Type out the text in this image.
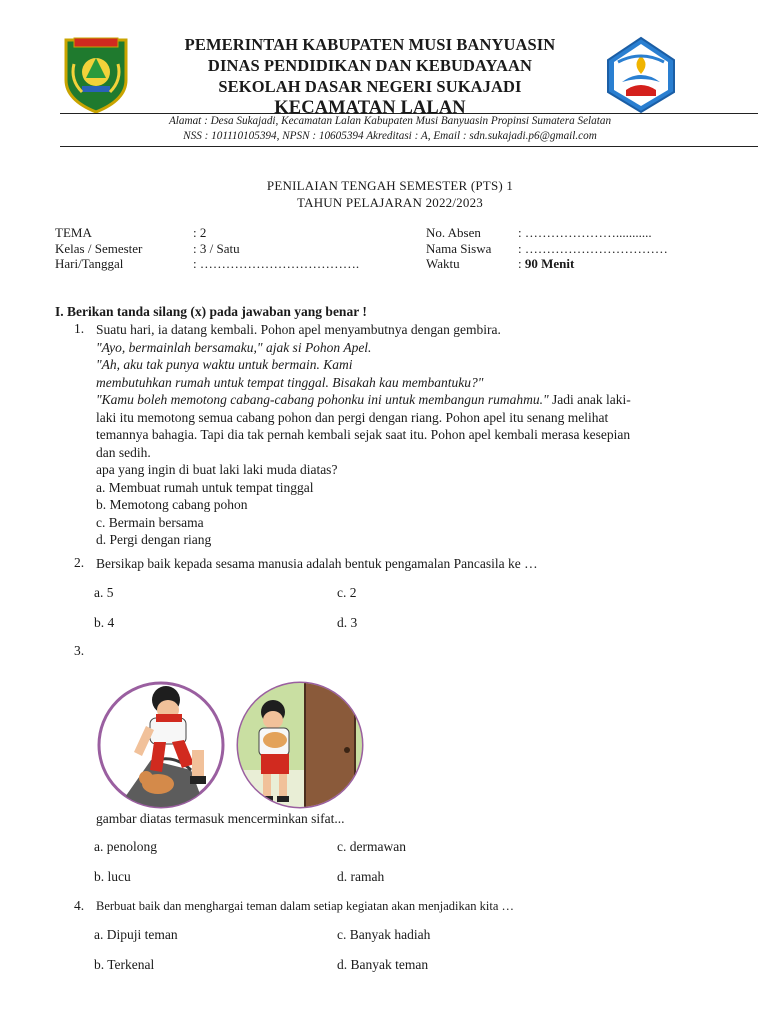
PEMERINTAH KABUPATEN MUSI BANYUASIN
DINAS PENDIDIKAN DAN KEBUDAYAAN
SEKOLAH DASAR NEGERI SUKAJADI
KECAMATAN LALAN
Alamat : Desa Sukajadi, Kecamatan Lalan Kabupaten Musi Banyuasin Propinsi Sumatera Selatan
NSS : 101110105394, NPSN : 10605394 Akreditasi : A, Email : sdn.sukajadi.p6@gmail.com
PENILAIAN TENGAH SEMESTER (PTS) 1
TAHUN PELAJARAN 2022/2023
TEMA	: 2
Kelas / Semester	: 3 / Satu
Hari/Tanggal	: ……………………………….
No. Absen	: …………………...........
Nama Siswa	: ……………………………
Waktu	: 90 Menit
I. Berikan tanda silang (x) pada jawaban yang benar !
1. Suatu hari, ia datang kembali. Pohon apel menyambutnya dengan gembira.
"Ayo, bermainlah bersamaku," ajak si Pohon Apel.
"Ah, aku tak punya waktu untuk bermain. Kami
membutuhkan rumah untuk tempat tinggal. Bisakah kau membantuku?"
"Kamu boleh memotong cabang-cabang pohonku ini untuk membangun rumahmu." Jadi anak laki-
laki itu memotong semua cabang pohon dan pergi dengan riang. Pohon apel itu senang melihat
temannya bahagia. Tapi dia tak pernah kembali sejak saat itu. Pohon apel kembali merasa kesepian
dan sedih.
apa yang ingin di buat laki laki muda diatas?
a. Membuat rumah untuk tempat tinggal
b. Memotong cabang pohon
c. Bermain bersama
d. Pergi dengan riang
2. Bersikap baik kepada sesama manusia adalah bentuk pengamalan Pancasila ke …
a. 5
b. 4
c. 2
d. 3
3.
gambar diatas termasuk mencerminkan sifat...
a. penolong
b. lucu
c. dermawan
d. ramah
4. Berbuat baik dan menghargai teman dalam setiap kegiatan akan menjadikan kita …
a. Dipuji teman
b. Terkenal
c. Banyak hadiah
d. Banyak teman
